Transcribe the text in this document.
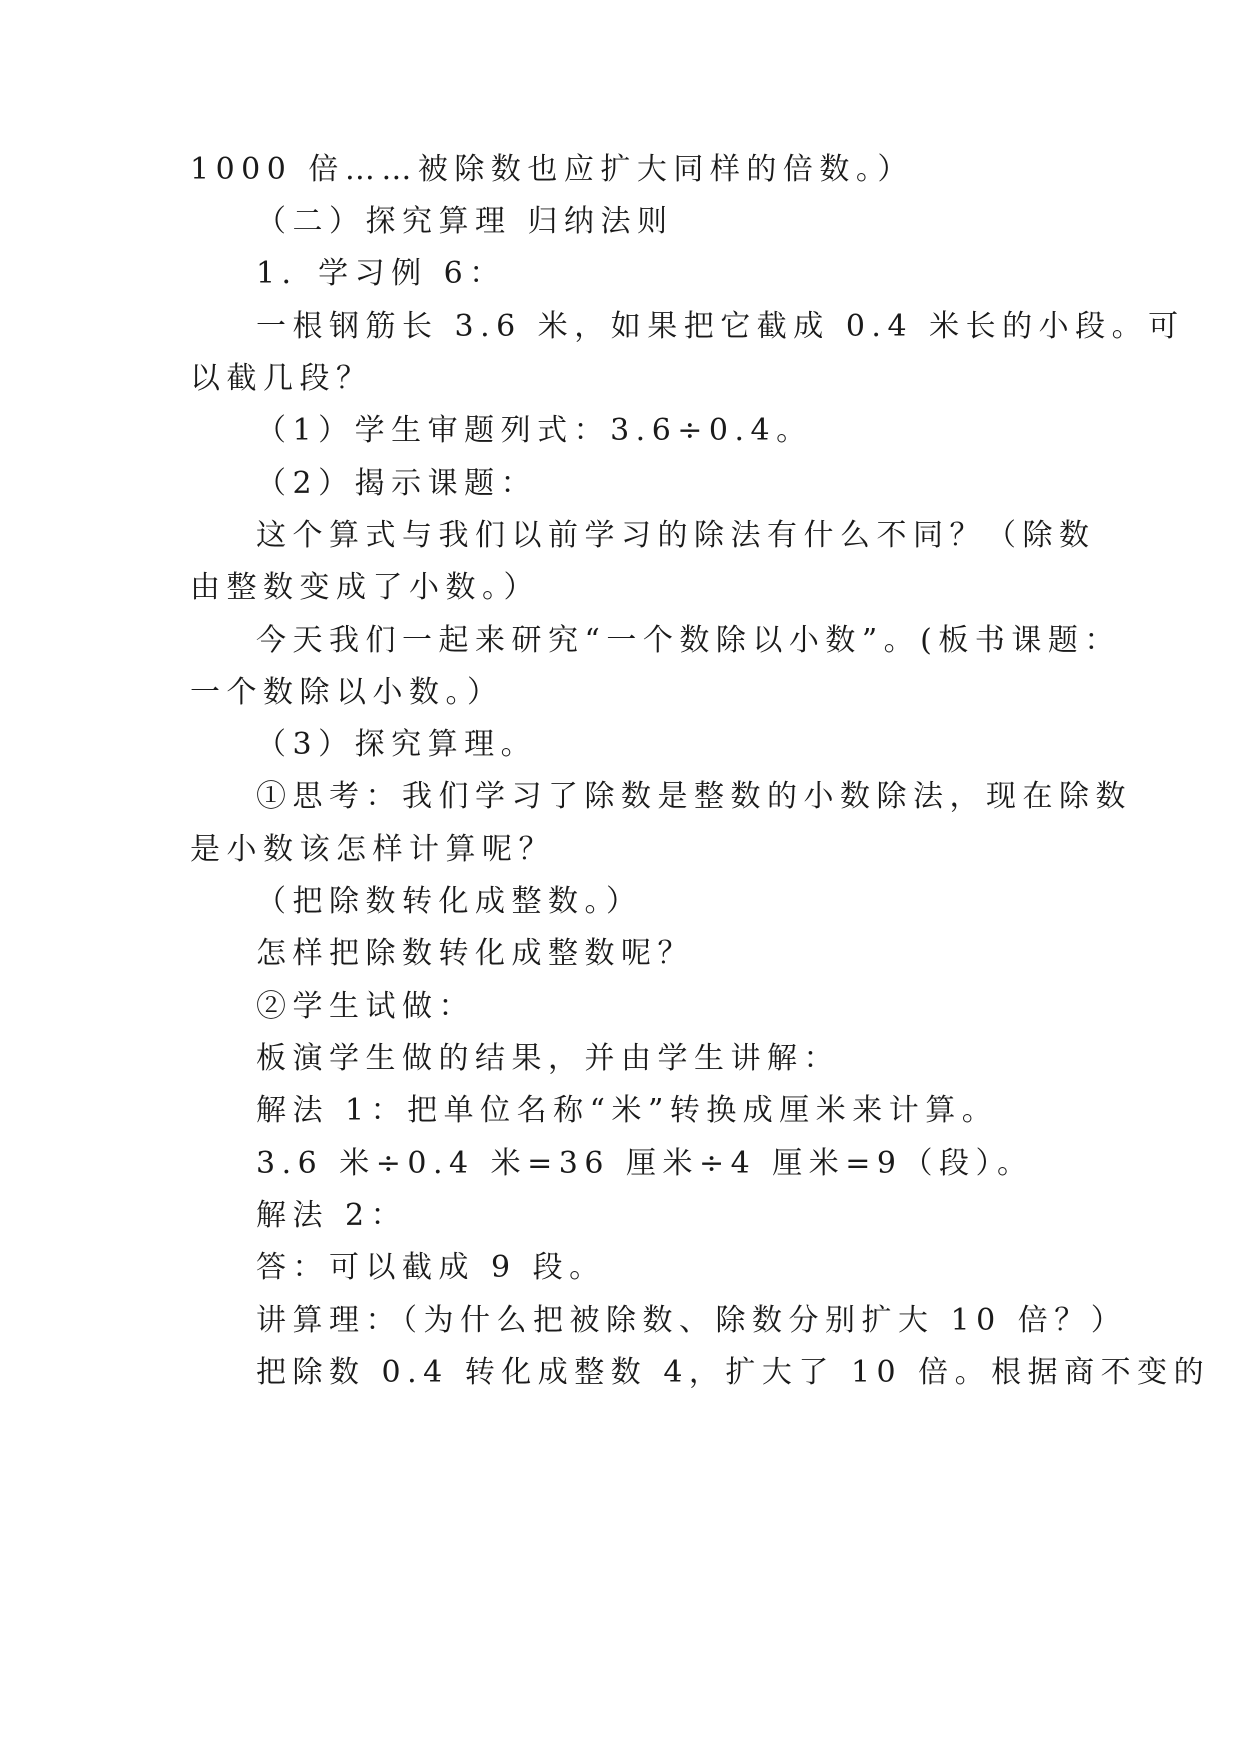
1000 倍……被除数也应扩大同样的倍数。）
（二）探究算理 归纳法则
1．学习例 6：
一根钢筋长 3.6 米，如果把它截成 0.4 米长的小段。可
以截几段？
（1）学生审题列式：3.6÷0.4。
（2）揭示课题：
这个算式与我们以前学习的除法有什么不同？（除数
由整数变成了小数。）
今天我们一起来研究“一个数除以小数”。(板书课题：
一个数除以小数。）
（3）探究算理。
①思考：我们学习了除数是整数的小数除法，现在除数
是小数该怎样计算呢？
（把除数转化成整数。）
怎样把除数转化成整数呢？
②学生试做：
板演学生做的结果，并由学生讲解：
解法 1：把单位名称“米”转换成厘米来计算。
3.6 米÷0.4 米=36 厘米÷4 厘米=9（段）。
解法 2：
答：可以截成 9 段。
讲算理：（为什么把被除数、除数分别扩大 10 倍？）
把除数 0.4 转化成整数 4，扩大了 10 倍。根据商不变的
